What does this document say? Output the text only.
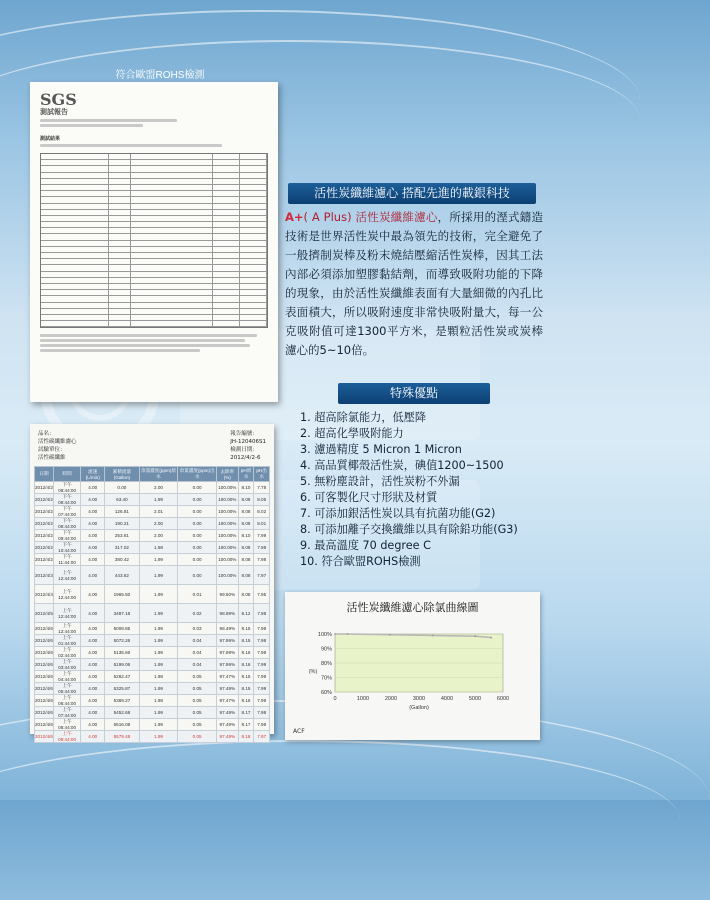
符合歐盟ROHS檢測
SGS
測試報告
測試結果
品名：
活性碳纖維濾心
試驗單位：
活性碳纖維
報告編號：
JH-120406S1
檢測日期：
2012/4/2-6
日期	時間	流速(L/min)	累積流量(Gallon)	余氯濃度(ppm)原水	余氯濃度(ppm)出水	去除率(%)	pH原水	pH出水
2012/4/2	下午08:44:00	4.00	0.00	2.00	0.00	100.00%	8.10	7.78
2012/4/2	下午08:44:00	4.00	63.40	1.99	0.00	100.00%	8.08	8.05
2012/4/2	下午07:44:00	4.00	126.81	2.01	0.00	100.00%	8.08	8.02
2012/4/2	下午08:44:00	4.00	190.21	2.00	0.00	100.00%	8.08	8.01
2012/4/2	下午09:44:00	4.00	253.61	2.00	0.00	100.00%	8.10	7.99
2012/4/2	下午10:44:00	4.00	317.02	1.98	0.00	100.00%	8.08	7.98
2012/4/2	下午11:44:00	4.00	380.42	1.99	0.00	100.00%	8.08	7.98
2012/4/3	上午12:44:00	4.00	443.82	1.99	0.00	100.00%	8.08	7.97
2012/4/4	上午12:44:00	4.00	1965.50	1.99	0.01	99.50%	8.08	7.95
2012/4/5	上午12:44:00	4.00	3487.18	1.99	0.02	98.99%	8.12	7.98
2012/4/6	上午12:44:00	4.00	5008.85	1.99	0.03	98.49%	8.15	7.98
2012/4/6	上午01:44:00	4.00	5072.26	1.99	0.04	97.99%	8.15	7.98
2012/4/6	上午02:44:00	4.00	5135.66	1.99	0.04	97.99%	8.16	7.98
2012/4/6	上午03:44:00	4.00	5199.06	1.99	0.04	97.99%	8.16	7.99
2012/4/6	上午04:44:00	4.00	5262.47	1.98	0.05	97.47%	8.15	7.99
2012/4/6	上午05:44:00	4.00	5325.87	1.99	0.05	97.49%	8.15	7.99
2012/4/6	上午06:44:00	4.00	5389.27	1.98	0.05	97.47%	8.16	7.99
2012/4/6	上午07:44:00	4.00	5452.68	1.99	0.05	97.49%	8.17	7.98
2012/4/6	上午08:44:00	4.00	5516.08	1.99	0.05	97.49%	8.17	7.98
2012/4/6	上午09:44:00	4.00	5579.48	1.99	0.05	97.49%	8.18	7.97
活性炭纖維濾心 搭配先進的載銀科技
A+( A Plus) 活性炭纖維濾心，所採用的溼式鑄造技術是世界活性炭中最為領先的技術，完全避免了一般擠制炭棒及粉末燒結壓縮活性炭棒，因其工法內部必須添加塑膠黏結劑，而導致吸附功能的下降的現象，由於活性炭纖維表面有大量細微的內孔比表面積大，所以吸附速度非常快吸附量大，每一公克吸附值可達1300平方米，是顆粒活性炭或炭棒濾心的5~10倍。
特殊優點
1. 超高除氯能力，低壓降
2. 超高化學吸附能力
3. 濾過精度 5 Micron 1 Micron
4. 高品質椰殼活性炭，碘值1200~1500
5. 無粉塵設計，活性炭粉不外漏
6. 可客製化尺寸形狀及材質
7. 可添加銀活性炭以具有抗菌功能(G2)
8. 可添加離子交換纖維以具有除鉛功能(G3)
9. 最高溫度 70 degree C
10. 符合歐盟ROHS檢測
活性炭纖維濾心除氯曲線圖
100%
90%
80%
70%
60%
0	1000	2000	3000	4000	5000	6000
(%)
(Gallon)
ACF
